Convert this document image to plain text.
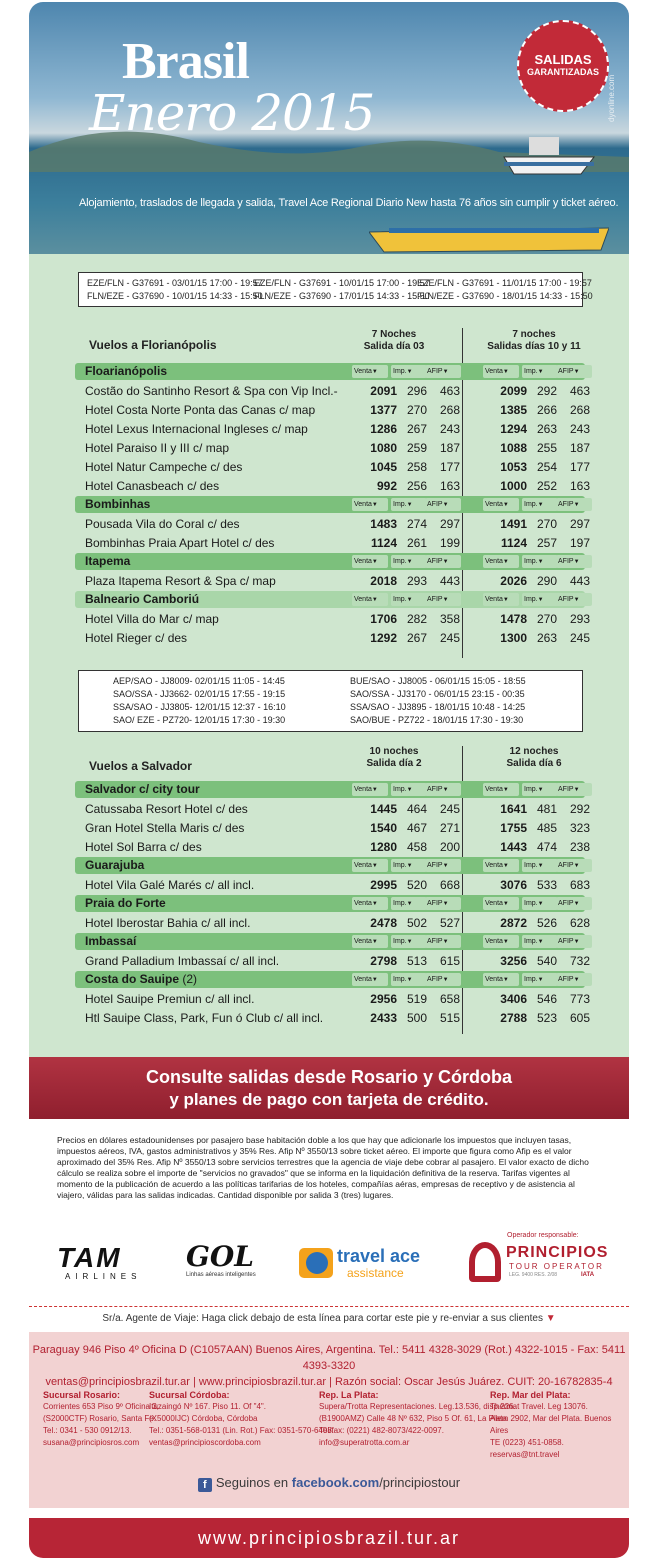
Brasil
Enero 2015
SALIDAS
GARANTIZADAS
Alojamiento, traslados de llegada y salida, Travel Ace Regional Diario New hasta 76 años sin cumplir y ticket aéreo.
dyonline.com
EZE/FLN - G37691 - 03/01/15 17:00 - 19:57
FLN/EZE - G37690 - 10/01/15 14:33 - 15:50
EZE/FLN - G37691 - 10/01/15 17:00 - 19:57
FLN/EZE - G37690 - 17/01/15 14:33 - 15:50
EZE/FLN - G37691 - 11/01/15 17:00 - 19:57
FLN/EZE - G37690 - 18/01/15 14:33 - 15:50
Vuelos a Florianópolis
7 Noches
Salida día 03
7 noches
Salidas días 10 y 11
AEP/SAO - JJ8009- 02/01/15 11:05 - 14:45
SAO/SSA - JJ3662- 02/01/15 17:55 - 19:15
SSA/SAO - JJ3805- 12/01/15 12:37 - 16:10
SAO/ EZE - PZ720- 12/01/15 17:30 - 19:30
BUE/SAO - JJ8005 - 06/01/15 15:05 - 18:55
SAO/SSA - JJ3170 - 06/01/15 23:15 - 00:35
SSA/SAO - JJ3895 - 18/01/15 10:48 - 14:25
SAO/BUE - PZ722 - 18/01/15 17:30 - 19:30
Vuelos a Salvador
10 noches
Salida día 2
12 noches
Salida día 6
Consulte salidas desde Rosario y Córdoba
y planes de pago con tarjeta de crédito.
Precios en dólares estadounidenses por pasajero base habitación doble a los que hay que adicionarle los impuestos que incluyen tasas, impuestos aéreos, IVA, gastos administrativos y 35% Res. Afip Nº 3550/13 sobre ticket aéreo. El importe que figura como Afip es el valor aproximado del 35% Res. Afip Nº 3550/13 sobre servicios terrestres que la agencia de viaje debe cobrar al pasajero. El valor exacto de dicho cálculo se realiza sobre el importe de "servicios no gravados" que se informa en la liquidación definitiva de la reserva. Tarifas vigentes al momento de la publicación de acuerdo a las políticas tarifarias de los hoteles, compañías aéras, empresas de receptivo y de asistencia al viajero, válidas para las salidas indicadas. Cantidad disponible por salida 3 (tres) lugares.
TAM
AIRLINES
GOL
Linhas aéreas inteligentes
travel ace
assistance
Operador responsable:
PRINCIPIOS
TOUR OPERATOR
LEG. 9400 RES. 2/08	IATA
Sr/a. Agente de Viaje: Haga click debajo de esta línea para cortar este pie y re-enviar a sus clientes ▼
Paraguay 946 Piso 4º Oficina D (C1057AAN) Buenos Aires, Argentina. Tel.: 5411 4328-3029 (Rot.) 4322-1015 - Fax: 5411 4393-3320
ventas@principiosbrazil.tur.ar | www.principiosbrazil.tur.ar | Razón social: Oscar Jesús Juárez. CUIT: 20-16782835-4
f Seguinos en facebook.com/principiostour
www.principiosbrazil.tur.ar
Floarianópolis	Venta▼ Imp.▼ AFIP▼	Venta▼ Imp.▼ AFIP▼
Costão do Santinho Resort & Spa con Vip Incl.-	2091 296	463	2099 292	463
Hotel Costa Norte Ponta das Canas c/ map	1377 270	268	1385 266	268
Hotel Lexus Internacional Ingleses c/ map	1286 267	243	1294 263	243
Hotel Paraiso II y III c/ map	1080 259	187	1088 255	187
Hotel Natur Campeche c/ des	1045 258	177	1053 254	177
Hotel Canasbeach c/ des	992 256	163	1000 252	163
Bombinhas	Venta▼ Imp.▼ AFIP▼	Venta▼ Imp.▼ AFIP▼
Pousada Vila do Coral c/ des	1483 274	297	1491 270	297
Bombinhas Praia Apart Hotel c/ des	1124 261	199	1124 257	197
Itapema	Venta▼ Imp.▼ AFIP▼	Venta▼ Imp.▼ AFIP▼
Plaza Itapema Resort & Spa c/ map	2018 293	443	2026 290	443
Balneario Camboriú	Venta▼ Imp.▼ AFIP▼	Venta▼ Imp.▼ AFIP▼
Hotel Villa do Mar c/ map	1706 282	358	1478 270	293
Hotel Rieger c/ des	1292 267	245	1300 263	245
Salvador c/ city tour	Venta▼ Imp.▼ AFIP▼	Venta▼ Imp.▼ AFIP▼
Catussaba Resort Hotel c/ des	1445 464	245	1641 481	292
Gran Hotel Stella Maris c/ des	1540 467	271	1755 485	323
Hotel Sol Barra c/ des	1280 458	200	1443 474	238
Guarajuba	Venta▼ Imp.▼ AFIP▼	Venta▼ Imp.▼ AFIP▼
Hotel Vila Galé Marés c/ all incl.	2995 520	668	3076 533	683
Praia do Forte	Venta▼ Imp.▼ AFIP▼	Venta▼ Imp.▼ AFIP▼
Hotel Iberostar Bahia c/ all incl.	2478 502	527	2872 526	628
Imbassaí	Venta▼ Imp.▼ AFIP▼	Venta▼ Imp.▼ AFIP▼
Grand Palladium Imbassaí c/ all incl.	2798 513	615	3256 540	732
Costa do Sauipe (2)	Venta▼ Imp.▼ AFIP▼	Venta▼ Imp.▼ AFIP▼
Hotel Sauipe Premiun c/ all incl.	2956 519	658	3406 546	773
Htl Sauipe Class, Park, Fun ó Club c/ all incl.	2433 500	515	2788 523	605
Sucursal Rosario:
Corrientes 653 Piso 9º Oficina 3,
(S2000CTF) Rosario, Santa Fe.
Tel.: 0341 - 530 0912/13.
susana@principiosros.com
Sucursal Córdoba:
Ituzaingó Nº 167. Piso 11. Of "4".
(X5000IJC) Córdoba, Córdoba
Tel.: 0351-568-0131 (Lin. Rot.) Fax: 0351-570-6408.
ventas@principioscordoba.com
Rep. La Plata:
Supera/Trotta Representaciones. Leg.13.536, disp.226.
(B1900AMZ) Calle 48 Nº 632, Piso 5 Of. 61, La Plata
Tel/fax: (0221) 482-8073/422-0097.
info@superatrotta.com.ar
Rep. Mar del Plata:
Thennat Travel. Leg 13076.
Alem 2902, Mar del Plata. Buenos Aires
TE (0223) 451-0858.
reservas@tnt.travel
